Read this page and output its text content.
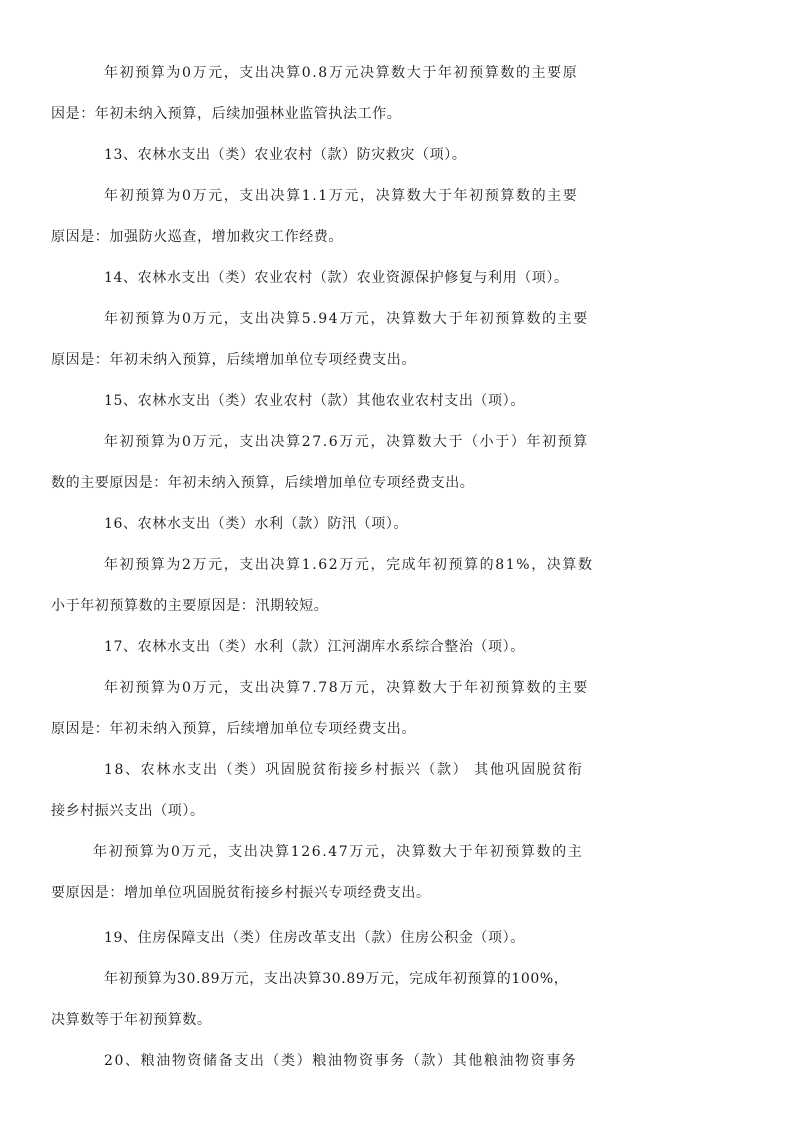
年初预算为0万元，支出决算0.8万元决算数大于年初预算数的主要原
因是：年初未纳入预算，后续加强林业监管执法工作。
13、农林水支出（类）农业农村（款）防灾救灾（项）。
年初预算为0万元，支出决算1.1万元，决算数大于年初预算数的主要
原因是：加强防火巡查，增加救灾工作经费。
14、农林水支出（类）农业农村（款）农业资源保护修复与利用（项）。
年初预算为0万元，支出决算5.94万元，决算数大于年初预算数的主要
原因是：年初未纳入预算，后续增加单位专项经费支出。
15、农林水支出（类）农业农村（款）其他农业农村支出（项）。
年初预算为0万元，支出决算27.6万元，决算数大于（小于）年初预算
数的主要原因是：年初未纳入预算，后续增加单位专项经费支出。
16、农林水支出（类）水利（款）防汛（项）。
年初预算为2万元，支出决算1.62万元，完成年初预算的81%，决算数
小于年初预算数的主要原因是：汛期较短。
17、农林水支出（类）水利（款）江河湖库水系综合整治（项）。
年初预算为0万元，支出决算7.78万元，决算数大于年初预算数的主要
原因是：年初未纳入预算，后续增加单位专项经费支出。
18、农林水支出（类）巩固脱贫衔接乡村振兴（款） 其他巩固脱贫衔
接乡村振兴支出（项）。
年初预算为0万元，支出决算126.47万元，决算数大于年初预算数的主
要原因是：增加单位巩固脱贫衔接乡村振兴专项经费支出。
19、住房保障支出（类）住房改革支出（款）住房公积金（项）。
年初预算为30.89万元，支出决算30.89万元，完成年初预算的100%，
决算数等于年初预算数。
20、粮油物资储备支出（类）粮油物资事务（款）其他粮油物资事务
